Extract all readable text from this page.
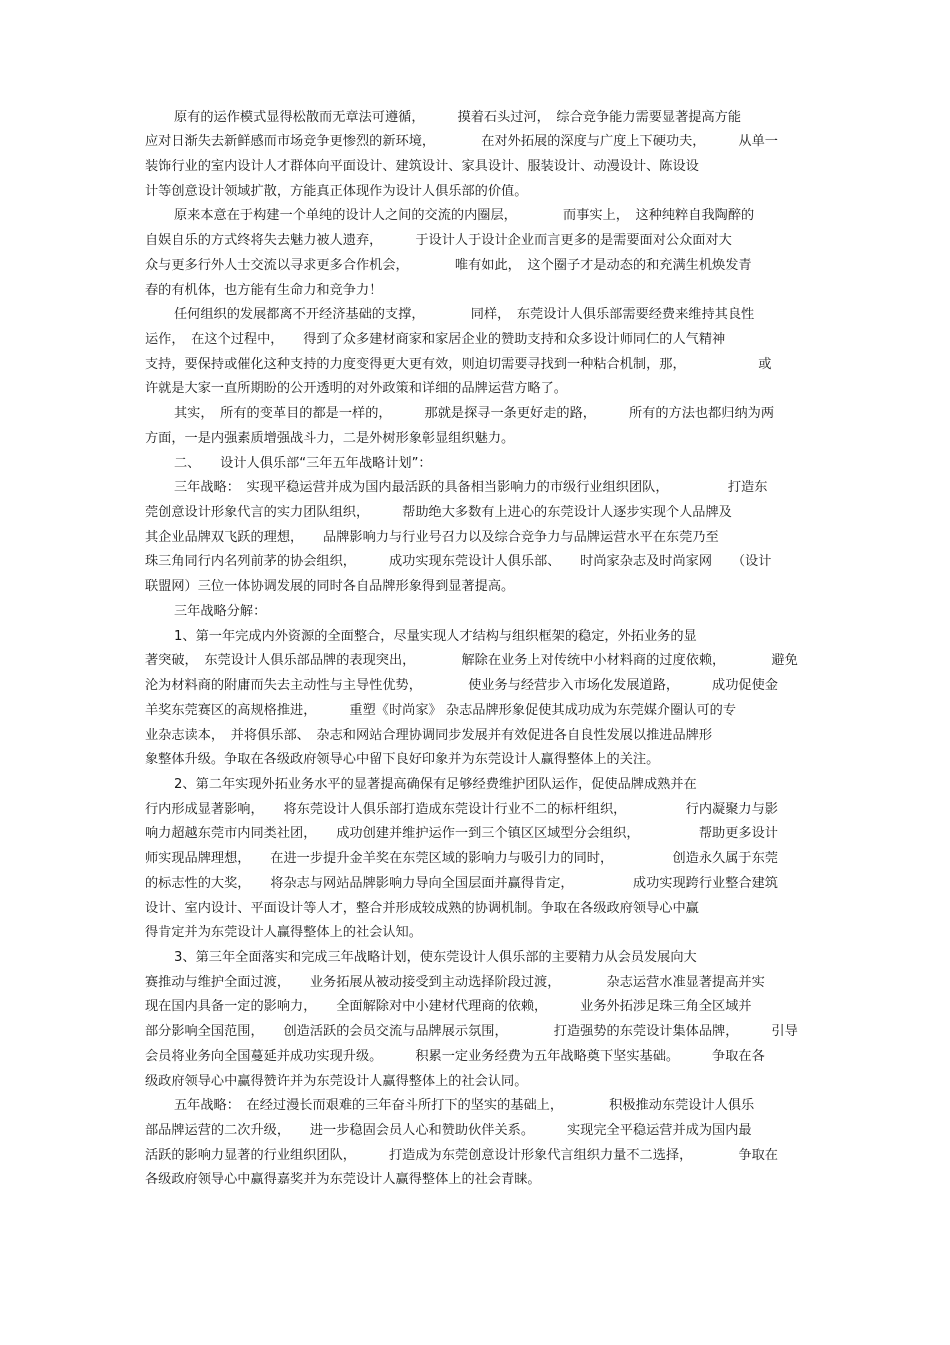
原有的运作模式显得松散而无章法可遵循，　　　摸着石头过河，　综合竞争能力需要显著提高方能
应对日渐失去新鲜感而市场竞争更惨烈的新环境，　　　　在对外拓展的深度与广度上下硬功夫，　　　从单一
装饰行业的室内设计人才群体向平面设计、建筑设计、家具设计、服装设计、动漫设计、陈设设
计等创意设计领域扩散，方能真正体现作为设计人俱乐部的价值。
原来本意在于构建一个单纯的设计人之间的交流的内圈层，　　　　而事实上，　这种纯粹自我陶醉的
自娱自乐的方式终将失去魅力被人遗弃，　　　于设计人于设计企业而言更多的是需要面对公众面对大
众与更多行外人士交流以寻求更多合作机会，　　　　唯有如此，　这个圈子才是动态的和充满生机焕发青
春的有机体，也方能有生命力和竞争力！
任何组织的发展都离不开经济基础的支撑，　　　　同样，　东莞设计人俱乐部需要经费来维持其良性
运作，　在这个过程中，　　得到了众多建材商家和家居企业的赞助支持和众多设计师同仁的人气精神
支持，要保持或催化这种支持的力度变得更大更有效，则迫切需要寻找到一种粘合机制，那，　　　　　　或
许就是大家一直所期盼的公开透明的对外政策和详细的品牌运营方略了。
其实，　所有的变革目的都是一样的，　　　那就是探寻一条更好走的路，　　　所有的方法也都归纳为两
方面，一是内强素质增强战斗力，二是外树形象彰显组织魅力。
二、　　设计人俱乐部“三年五年战略计划”：
三年战略：　实现平稳运营并成为国内最活跃的具备相当影响力的市级行业组织团队，　　　　　打造东
莞创意设计形象代言的实力团队组织，　　　帮助绝大多数有上进心的东莞设计人逐步实现个人品牌及
其企业品牌双飞跃的理想，　　品牌影响力与行业号召力以及综合竞争力与品牌运营水平在东莞乃至
珠三角同行内名列前茅的协会组织，　　　成功实现东莞设计人俱乐部、　　时尚家杂志及时尚家网　　（设计
联盟网）三位一体协调发展的同时各自品牌形象得到显著提高。
三年战略分解：
1、第一年完成内外资源的全面整合，尽量实现人才结构与组织框架的稳定，外拓业务的显
著突破，　东莞设计人俱乐部品牌的表现突出，　　　　解除在业务上对传统中小材料商的过度依赖，　　　　避免
沦为材料商的附庸而失去主动性与主导性优势，　　　　使业务与经营步入市场化发展道路，　　　成功促使金
羊奖东莞赛区的高规格推进，　　　重塑《时尚家》 杂志品牌形象促使其成功成为东莞媒介圈认可的专
业杂志读本，　并将俱乐部、　杂志和网站合理协调同步发展并有效促进各自良性发展以推进品牌形
象整体升级。争取在各级政府领导心中留下良好印象并为东莞设计人赢得整体上的关注。
2、第二年实现外拓业务水平的显著提高确保有足够经费维护团队运作，促使品牌成熟并在
行内形成显著影响，　　将东莞设计人俱乐部打造成东莞设计行业不二的标杆组织，　　　　　行内凝聚力与影
响力超越东莞市内同类社团，　　成功创建并维护运作一到三个镇区区域型分会组织，　　　　　帮助更多设计
师实现品牌理想，　　在进一步提升金羊奖在东莞区域的影响力与吸引力的同时，　　　　　创造永久属于东莞
的标志性的大奖，　　将杂志与网站品牌影响力导向全国层面并赢得肯定，　　　　　成功实现跨行业整合建筑
设计、室内设计、平面设计等人才，整合并形成较成熟的协调机制。争取在各级政府领导心中赢
得肯定并为东莞设计人赢得整体上的社会认知。
3、第三年全面落实和完成三年战略计划，使东莞设计人俱乐部的主要精力从会员发展向大
赛推动与维护全面过渡，　　业务拓展从被动接受到主动选择阶段过渡，　　　　杂志运营水准显著提高并实
现在国内具备一定的影响力，　　全面解除对中小建材代理商的依赖，　　　业务外拓涉足珠三角全区域并
部分影响全国范围，　　创造活跃的会员交流与品牌展示氛围，　　　　打造强势的东莞设计集体品牌，　　　引导
会员将业务向全国蔓延并成功实现升级。　　　积累一定业务经费为五年战略奠下坚实基础。　　　争取在各
级政府领导心中赢得赞许并为东莞设计人赢得整体上的社会认同。
五年战略：　在经过漫长而艰难的三年奋斗所打下的坚实的基础上，　　　　积极推动东莞设计人俱乐
部品牌运营的二次升级，　　进一步稳固会员人心和赞助伙伴关系。　　　实现完全平稳运营并成为国内最
活跃的影响力显著的行业组织团队，　　　打造成为东莞创意设计形象代言组织力量不二选择，　　　　争取在
各级政府领导心中赢得嘉奖并为东莞设计人赢得整体上的社会青睐。
